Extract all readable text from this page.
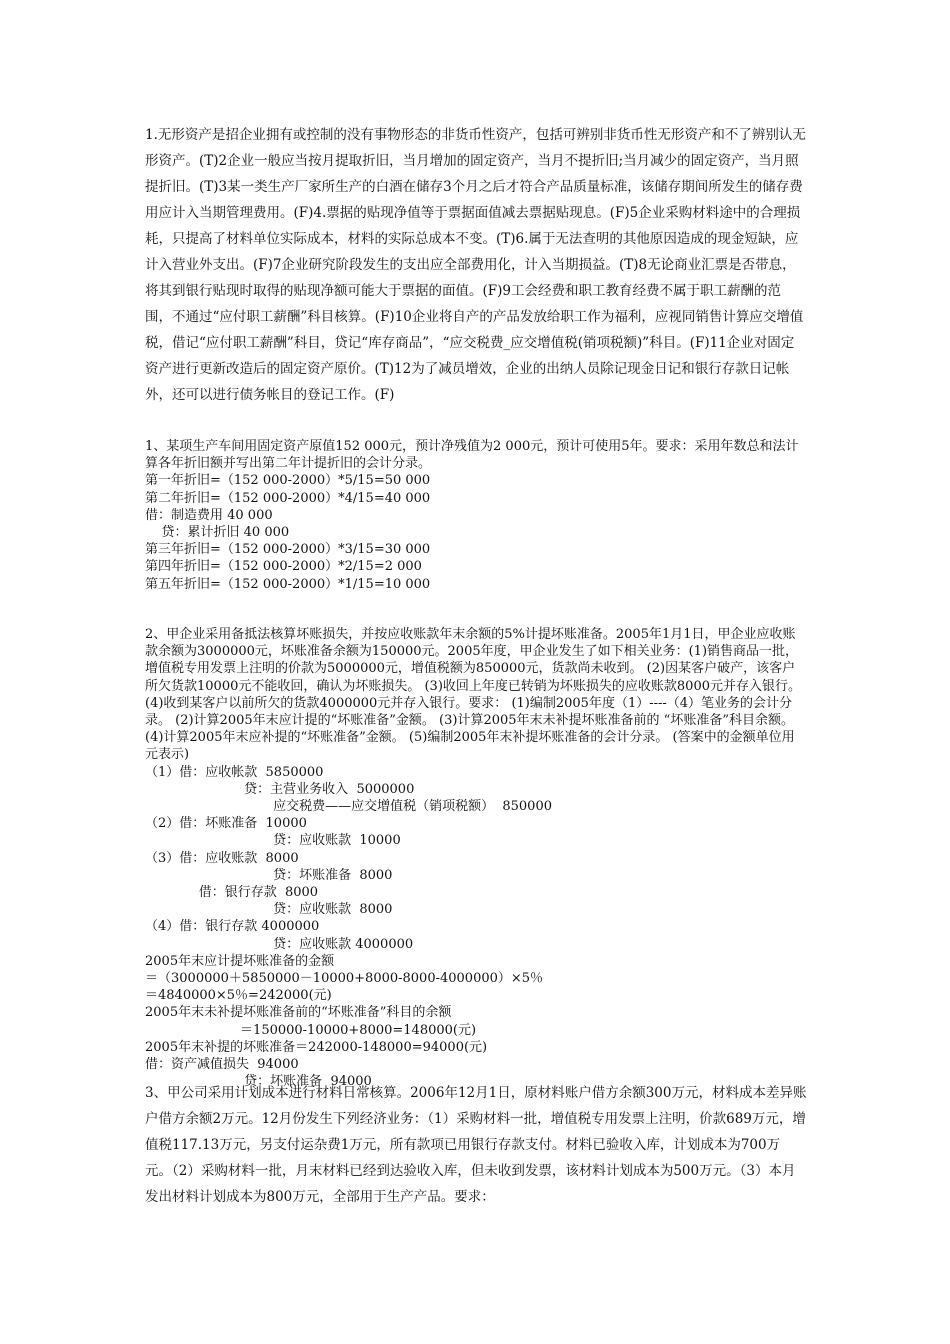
1.无形资产是招企业拥有或控制的没有事物形态的非货币性资产，包括可辨别非货币性无形资产和不了辨别认无形资产。(T)2企业一般应当按月提取折旧，当月增加的固定资产，当月不提折旧;当月减少的固定资产，当月照提折旧。(T)3某一类生产厂家所生产的白酒在储存3个月之后才符合产品质量标准，该储存期间所发生的储存费用应计入当期管理费用。(F)4.票据的贴现净值等于票据面值减去票据贴现息。(F)5企业采购材料途中的合理损耗，只提高了材料单位实际成本，材料的实际总成本不变。(T)6.属于无法查明的其他原因造成的现金短缺，应计入营业外支出。(F)7企业研究阶段发生的支出应全部费用化，计入当期损益。(T)8无论商业汇票是否带息，将其到银行贴现时取得的贴现净额可能大于票据的面值。(F)9工会经费和职工教育经费不属于职工薪酬的范围，不通过“应付职工薪酬”科目核算。(F)10企业将自产的产品发放给职工作为福利，应视同销售计算应交增值税，借记“应付职工薪酬”科目，贷记“库存商品”，“应交税费_应交增值税(销项税额)”科目。(F)11企业对固定资产进行更新改造后的固定资产原价。(T)12为了减员增效，企业的出纳人员除记现金日记和银行存款日记帐外，还可以进行债务帐目的登记工作。(F)

1、某项生产车间用固定资产原值152 000元，预计净残值为2 000元，预计可使用5年。要求：采用年数总和法计算各年折旧额并写出第二年计提折旧的会计分录。
第一年折旧=（152 000-2000）*5/15=50 000
第二年折旧=（152 000-2000）*4/15=40 000
借：制造费用 40 000
贷：累计折旧 40 000
第三年折旧=（152 000-2000）*3/15=30 000
第四年折旧=（152 000-2000）*2/15=2 000
第五年折旧=（152 000-2000）*1/15=10 000
2、甲企业采用备抵法核算坏账损失，并按应收账款年末余额的5%计提坏账准备。2005年1月1日，甲企业应收账款余额为3000000元，坏账准备余额为150000元。2005年度，甲企业发生了如下相关业务：(1)销售商品一批，增值税专用发票上注明的价款为5000000元，增值税额为850000元，货款尚未收到。 (2)因某客户破产，该客户所欠货款10000元不能收回，确认为坏账损失。 (3)收回上年度已转销为坏账损失的应收账款8000元并存入银行。 (4)收到某客户以前所欠的货款4000000元并存入银行。要求： (1)编制2005年度（1）----（4）笔业务的会计分录。 (2)计算2005年末应计提的“坏账准备”金额。 (3)计算2005年末未补提坏账准备前的 “坏账准备”科目余额。 (4)计算2005年末应补提的“坏账准备”金额。 (5)编制2005年末补提坏账准备的会计分录。 (答案中的金额单位用元表示)
（1）借：应收帐款  5850000
贷：主营业务收入  5000000
应交税费——应交增值税（销项税额）  850000
（2）借：坏账准备  10000
贷：应收账款  10000
（3）借：应收账款  8000
贷：坏账准备  8000
借：银行存款  8000
贷：应收账款  8000
（4）借：银行存款 4000000
贷：应收账款 4000000
2005年末应计提坏账准备的金额
＝（3000000＋5850000－10000+8000-8000-4000000）×5％
＝4840000×5％=242000(元)
2005年末未补提坏账准备前的“坏账准备”科目的余额
＝150000-10000+8000=148000(元)
2005年末补提的坏账准备＝242000-148000=94000(元)
借：资产减值损失  94000
贷：坏账准备  94000

3、甲公司采用计划成本进行材料日常核算。2006年12月1日，原材料账户借方余额300万元，材料成本差异账户借方余额2万元。12月份发生下列经济业务：（1）采购材料一批，增值税专用发票上注明，价款689万元，增值税117.13万元，另支付运杂费1万元，所有款项已用银行存款支付。材料已验收入库，计划成本为700万元。（2）采购材料一批，月末材料已经到达验收入库，但未收到发票，该材料计划成本为500万元。（3）本月发出材料计划成本为800万元，全部用于生产产品。要求：
